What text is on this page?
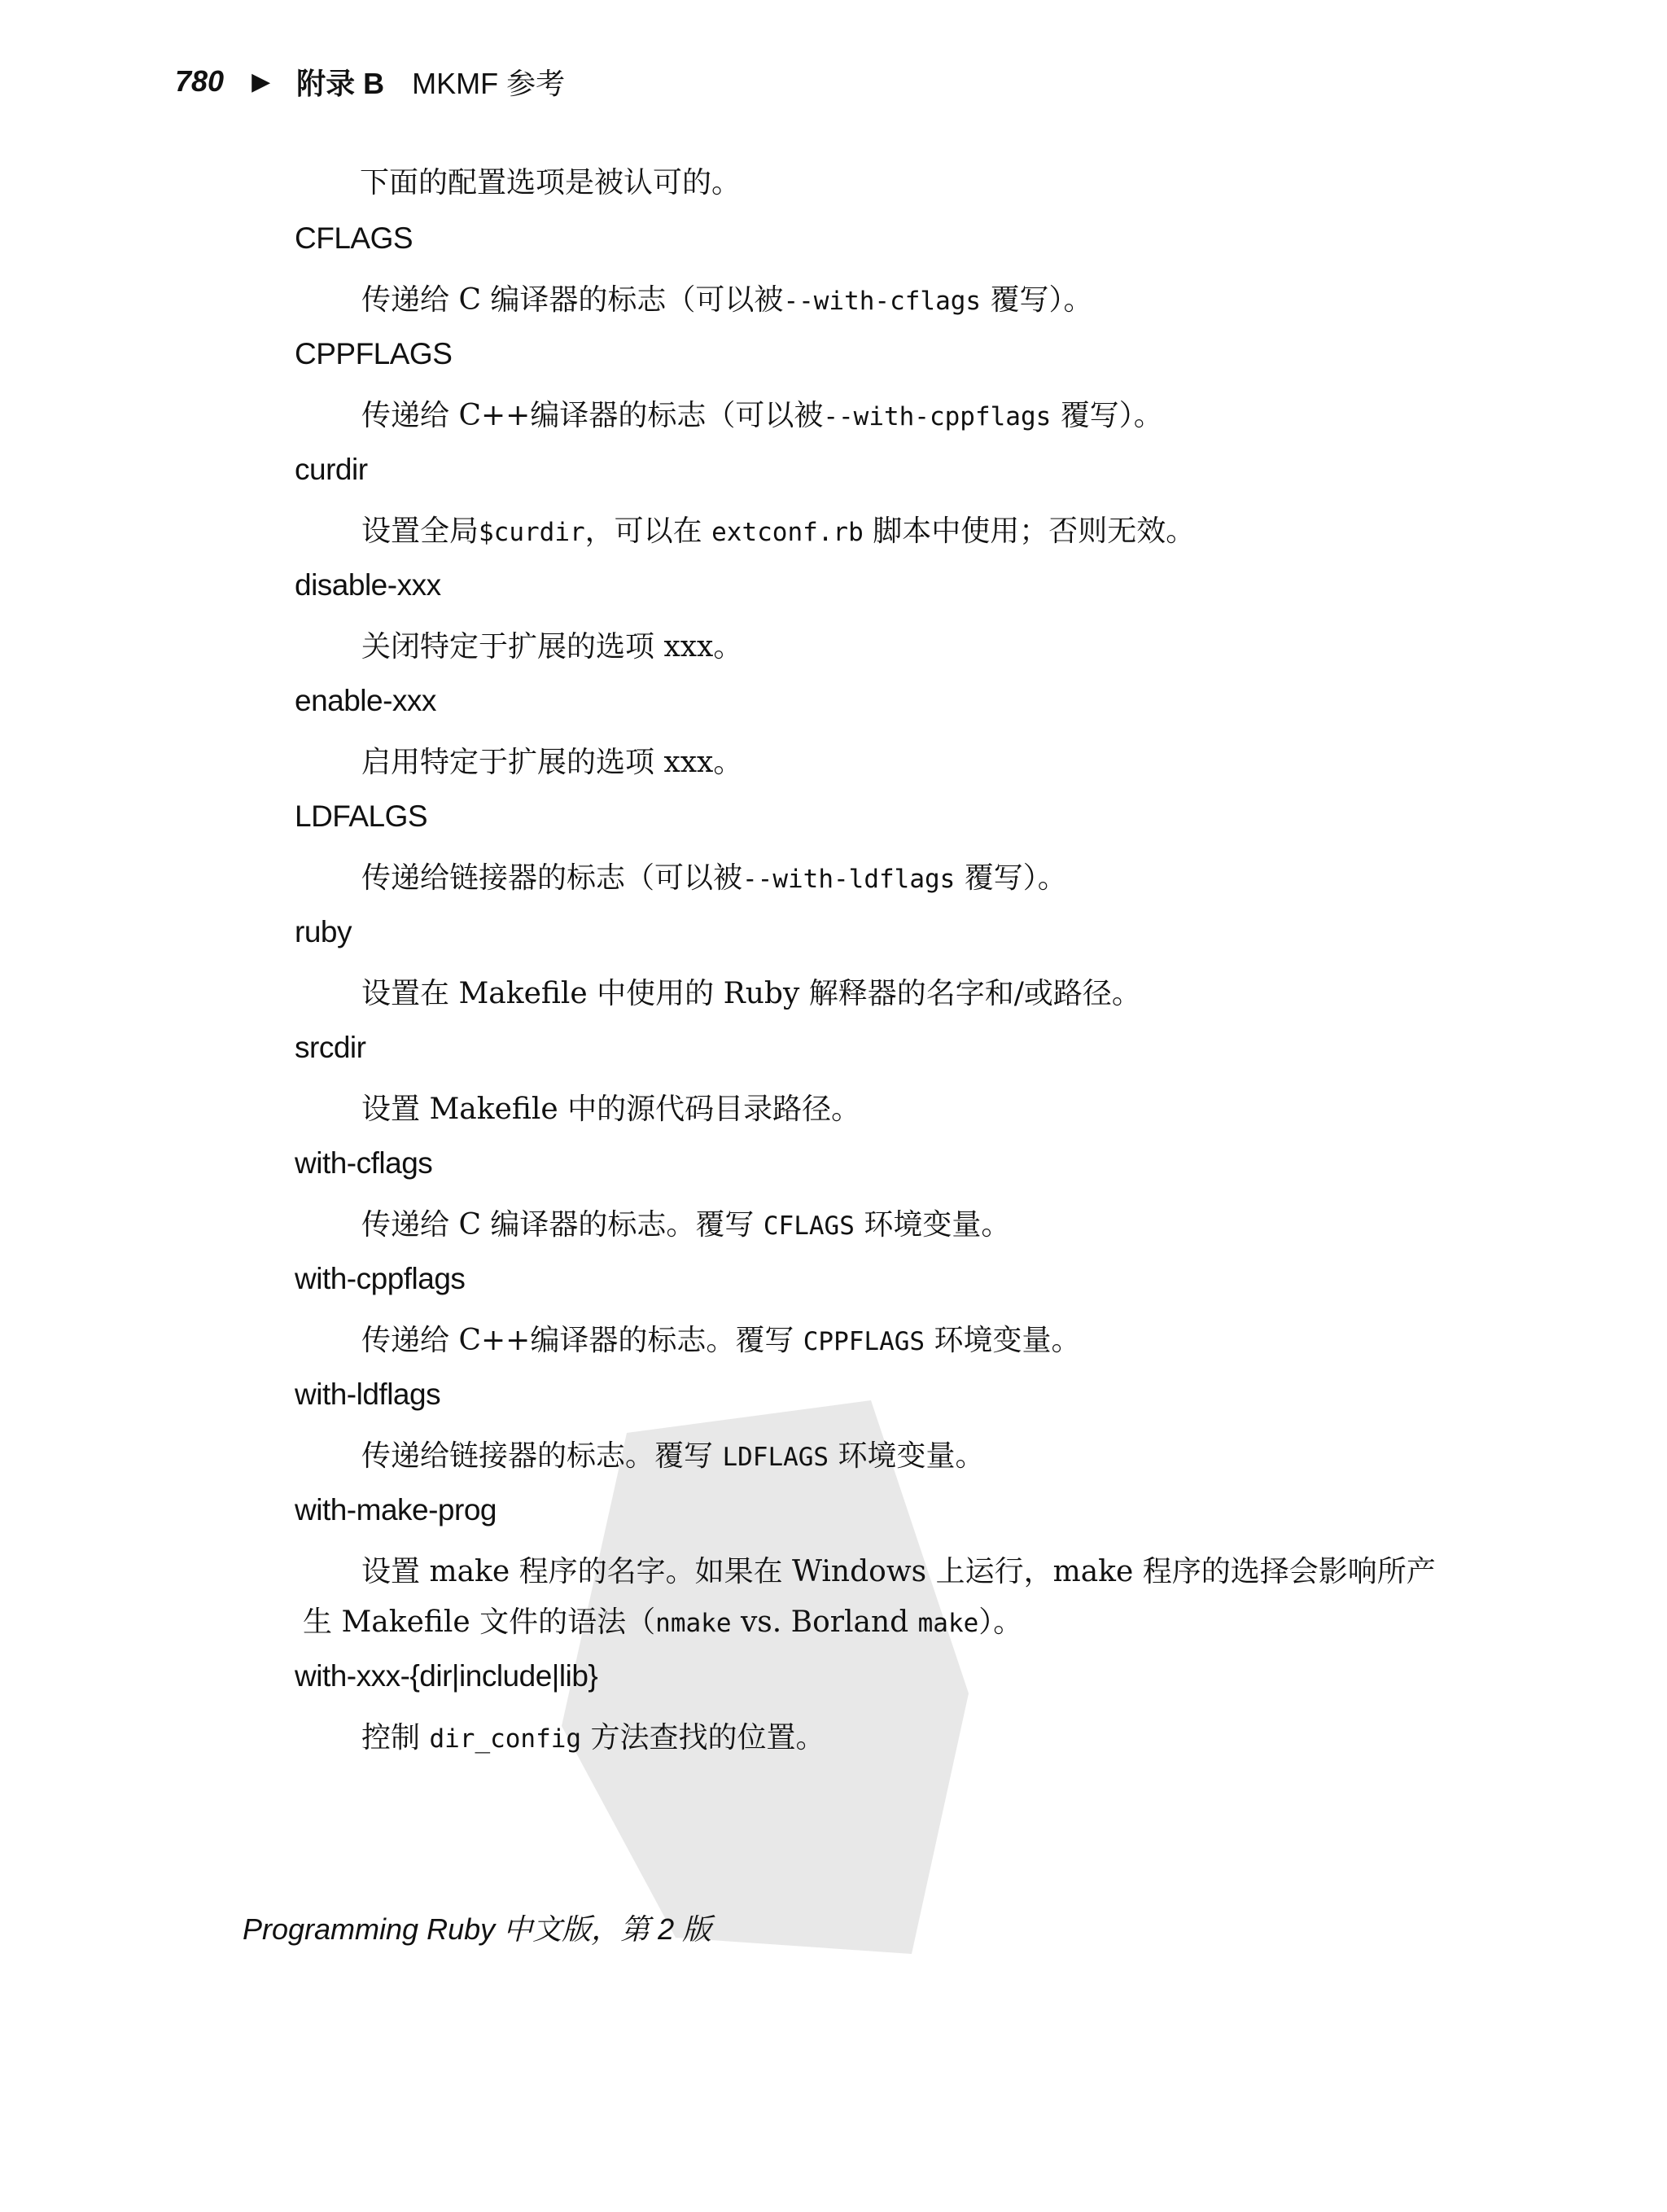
780 ▶ 附录 B MKMF 参考
下面的配置选项是被认可的。
CFLAGS
传递给 C 编译器的标志（可以被--with-cflags 覆写）。
CPPFLAGS
传递给 C++编译器的标志（可以被--with-cppflags 覆写）。
curdir
设置全局$curdir，可以在 extconf.rb 脚本中使用；否则无效。
disable-xxx
关闭特定于扩展的选项 xxx。
enable-xxx
启用特定于扩展的选项 xxx。
LDFALGS
传递给链接器的标志（可以被--with-ldflags 覆写）。
ruby
设置在 Makefile 中使用的 Ruby 解释器的名字和/或路径。
srcdir
设置 Makefile 中的源代码目录路径。
with-cflags
传递给 C 编译器的标志。覆写 CFLAGS 环境变量。
with-cppflags
传递给 C++编译器的标志。覆写 CPPFLAGS 环境变量。
with-ldflags
传递给链接器的标志。覆写 LDFLAGS 环境变量。
with-make-prog
设置 make 程序的名字。如果在 Windows 上运行，make 程序的选择会影响所产
生 Makefile 文件的语法（nmake vs. Borland make）。
with-xxx-{dir|include|lib}
控制 dir_config 方法查找的位置。
Programming Ruby 中文版，第 2 版
